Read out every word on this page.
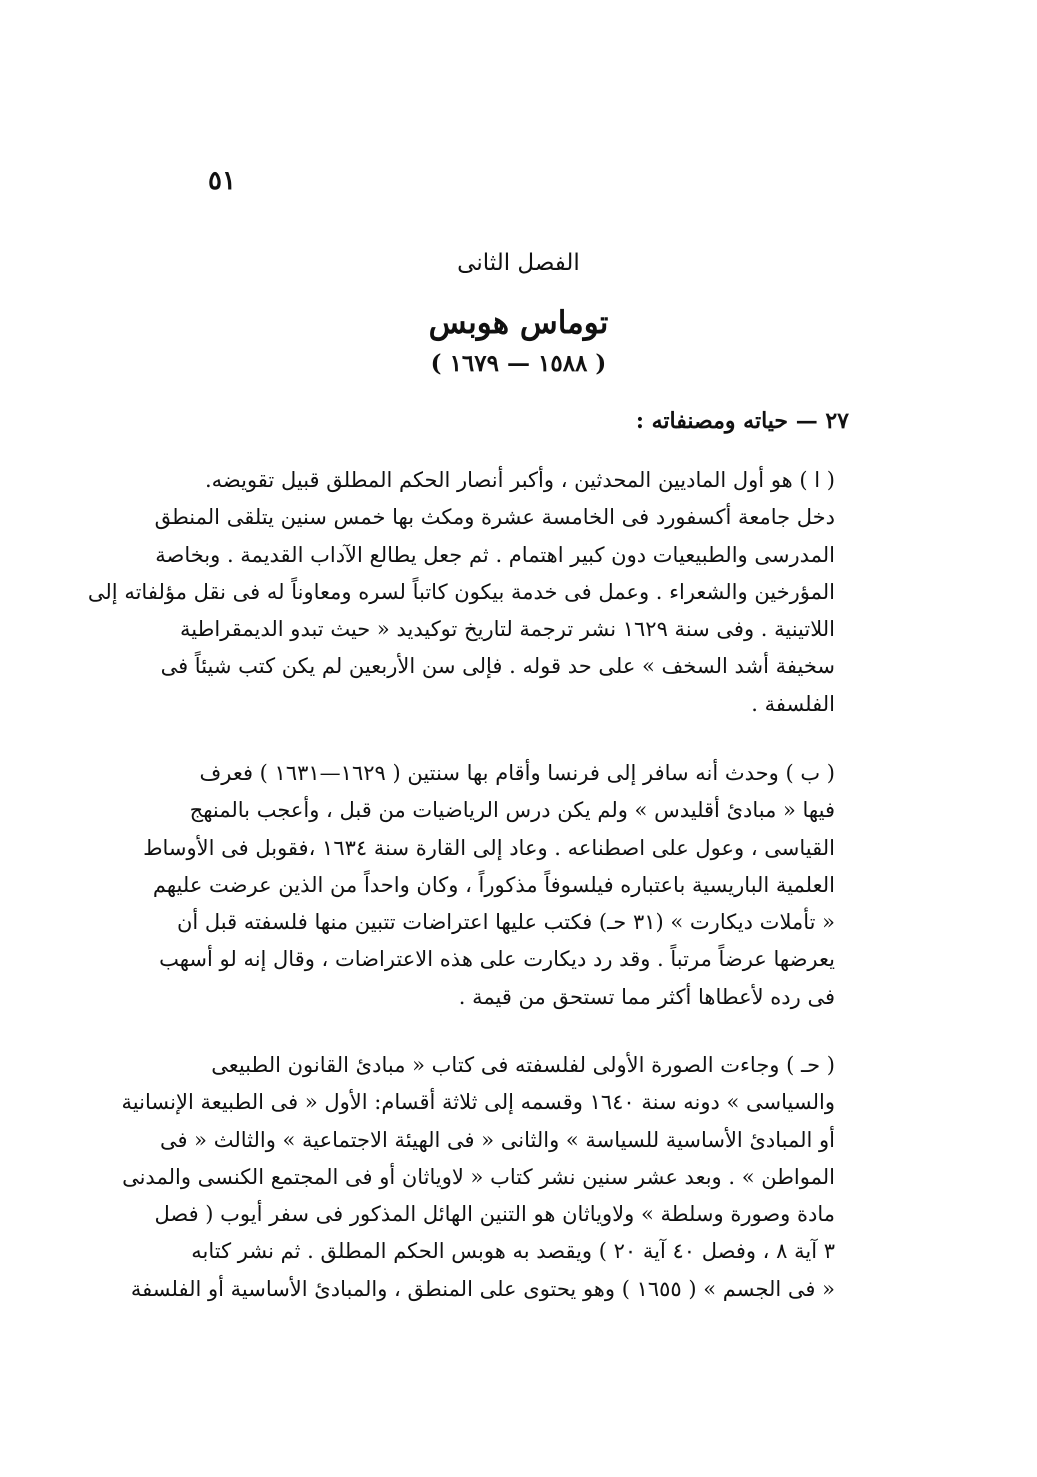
٥١
الفصل الثانى
توماس هوبس
( ١٥٨٨ — ١٦٧٩ )
٢٧ — حياته ومصنفاته :
( ا ) هو أول الماديين المحدثين ، وأكبر أنصار الحكم المطلق قبيل تقويضه.
دخل جامعة أكسفورد فى الخامسة عشرة ومكث بها خمس سنين يتلقى المنطق
المدرسى والطبيعيات دون كبير اهتمام . ثم جعل يطالع الآداب القديمة . وبخاصة
المؤرخين والشعراء . وعمل فى خدمة بيكون كاتباً لسره ومعاوناً له فى نقل مؤلفاته إلى
اللاتينية . وفى سنة ١٦٢٩ نشر ترجمة لتاريخ توكيديد « حيث تبدو الديمقراطية
سخيفة أشد السخف » على حد قوله . فإلى سن الأربعين لم يكن كتب شيئاً فى
الفلسفة .
( ب ) وحدث أنه سافر إلى فرنسا وأقام بها سنتين ( ١٦٢٩—١٦٣١ ) فعرف
فيها « مبادئ أقليدس » ولم يكن درس الرياضيات من قبل ، وأعجب بالمنهج
القياسى ، وعول على اصطناعه . وعاد إلى القارة سنة ١٦٣٤ ،فقوبل فى الأوساط
العلمية الباريسية باعتباره فيلسوفاً مذكوراً ، وكان واحداً من الذين عرضت عليهم
« تأملات ديكارت » (٣١ حـ) فكتب عليها اعتراضات تتبين منها فلسفته قبل أن
يعرضها عرضاً مرتباً . وقد رد ديكارت على هذه الاعتراضات ، وقال إنه لو أسهب
فى رده لأعطاها أكثر مما تستحق من قيمة .
( حـ ) وجاءت الصورة الأولى لفلسفته فى كتاب « مبادئ القانون الطبيعى
والسياسى » دونه سنة ١٦٤٠ وقسمه إلى ثلاثة أقسام: الأول « فى الطبيعة الإنسانية
أو المبادئ الأساسية للسياسة » والثانى « فى الهيئة الاجتماعية » والثالث « فى
المواطن » . وبعد عشر سنين نشر كتاب « لاوياثان أو فى المجتمع الكنسى والمدنى
مادة وصورة وسلطة » ولاوياثان هو التنين الهائل المذكور فى سفر أيوب ( فصل
٣ آية ٨ ، وفصل ٤٠ آية ٢٠ ) ويقصد به هوبس الحكم المطلق . ثم نشر كتابه
« فى الجسم » ( ١٦٥٥ ) وهو يحتوى على المنطق ، والمبادئ الأساسية أو الفلسفة
